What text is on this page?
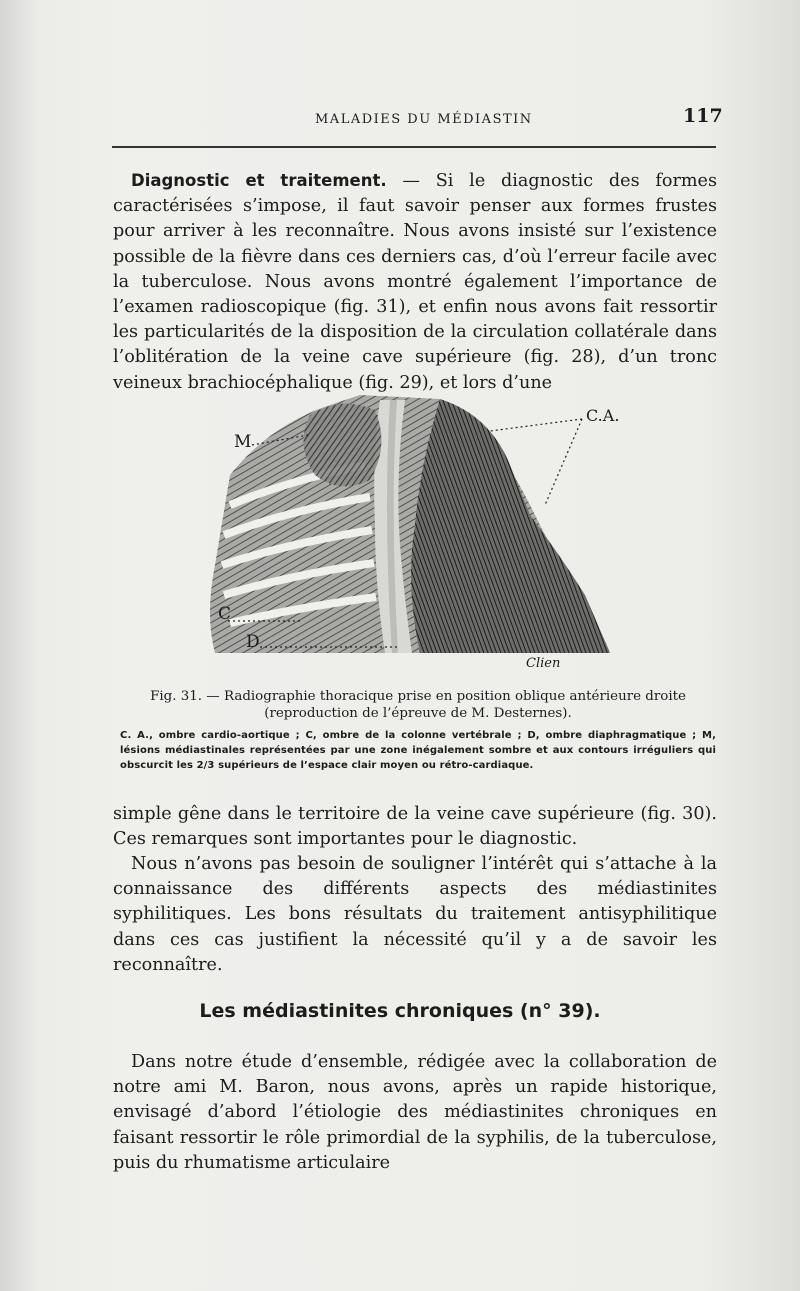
MALADIES DU MÉDIASTIN	117
Diagnostic et traitement. — Si le diagnostic des formes caractérisées s’impose, il faut savoir penser aux formes frustes pour arriver à les reconnaître. Nous avons insisté sur l’existence possible de la fièvre dans ces derniers cas, d’où l’erreur facile avec la tuberculose. Nous avons montré également l’importance de l’examen radioscopique (fig. 31), et enfin nous avons fait ressortir les particularités de la disposition de la circulation collatérale dans l’oblitération de la veine cave supérieure (fig. 28), d’un tronc veineux brachiocéphalique (fig. 29), et lors d’une
C.A.
M
C
D
Clien
Fig. 31. — Radiographie thoracique prise en position oblique antérieure droite (reproduction de l’épreuve de M. Desternes).
C. A., ombre cardio-aortique ; C, ombre de la colonne vertébrale ; D, ombre diaphragmatique ; M, lésions médiastinales représentées par une zone inégalement sombre et aux contours irréguliers qui obscurcit les 2/3 supérieurs de l’espace clair moyen ou rétro-cardiaque.
simple gêne dans le territoire de la veine cave supérieure (fig. 30). Ces remarques sont importantes pour le diagnostic.
Nous n’avons pas besoin de souligner l’intérêt qui s’attache à la connaissance des différents aspects des médiastinites syphilitiques. Les bons résultats du traitement antisyphilitique dans ces cas justifient la nécessité qu’il y a de savoir les reconnaître.
Les médiastinites chroniques (n° 39).
Dans notre étude d’ensemble, rédigée avec la collaboration de notre ami M. Baron, nous avons, après un rapide historique, envisagé d’abord l’étiologie des médiastinites chroniques en faisant ressortir le rôle primordial de la syphilis, de la tuberculose, puis du rhumatisme articulaire
